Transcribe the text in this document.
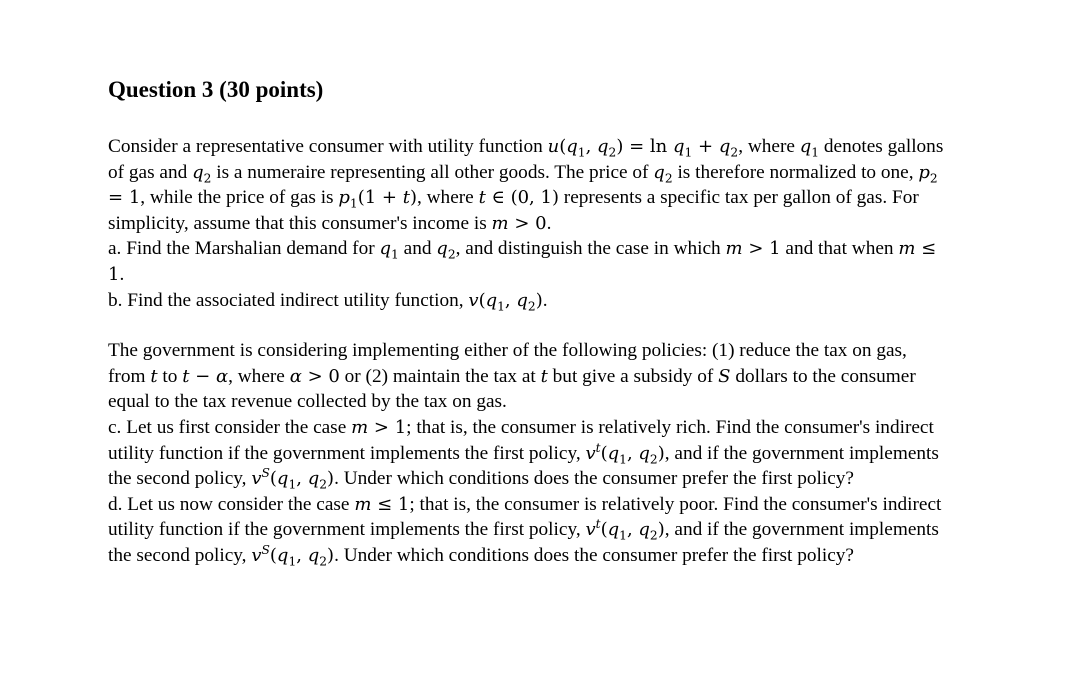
Question 3 (30 points)

Consider a representative consumer with utility function $u(q_1$, $q_2) = \ln q_1 + q_2$, where $q_1$ denotes gallons of gas and $q_2$ is a numeraire representing all other goods. The price of $q_2$ is therefore normalized to one, $p_2 = 1$, while the price of gas is $p_1(1 + t)$, where t ∈ (0, 1) represents a specific tax per gallon of gas. For simplicity, assume that this consumer's income is m > 0.
a. Find the Marshalian demand for $q_1$ and $q_2$, and distinguish the case in which m > 1 and that when m ≤ 1.
b. Find the associated indirect utility function, $v(q_1$, $q_2$).

The government is considering implementing either of the following policies: (1) reduce the tax on gas, from t to t − α, where α > 0 or (2) maintain the tax at t but give a subsidy of S dollars to the consumer equal to the tax revenue collected by the tax on gas.
c. Let us first consider the case m > 1; that is, the consumer is relatively rich. Find the consumer's indirect utility function if the government implements the first policy, $v^t(q_1$, $q_2$), and if the government implements the second policy, $v^S(q_1$, $q_2$). Under which conditions does the consumer prefer the first policy?
d. Let us now consider the case m ≤ 1; that is, the consumer is relatively poor. Find the consumer's indirect utility function if the government implements the first policy, $v^t(q_1$, $q_2$), and if the government implements the second policy, $v^S(q_1$, $q_2$). Under which conditions does the consumer prefer the first policy?
